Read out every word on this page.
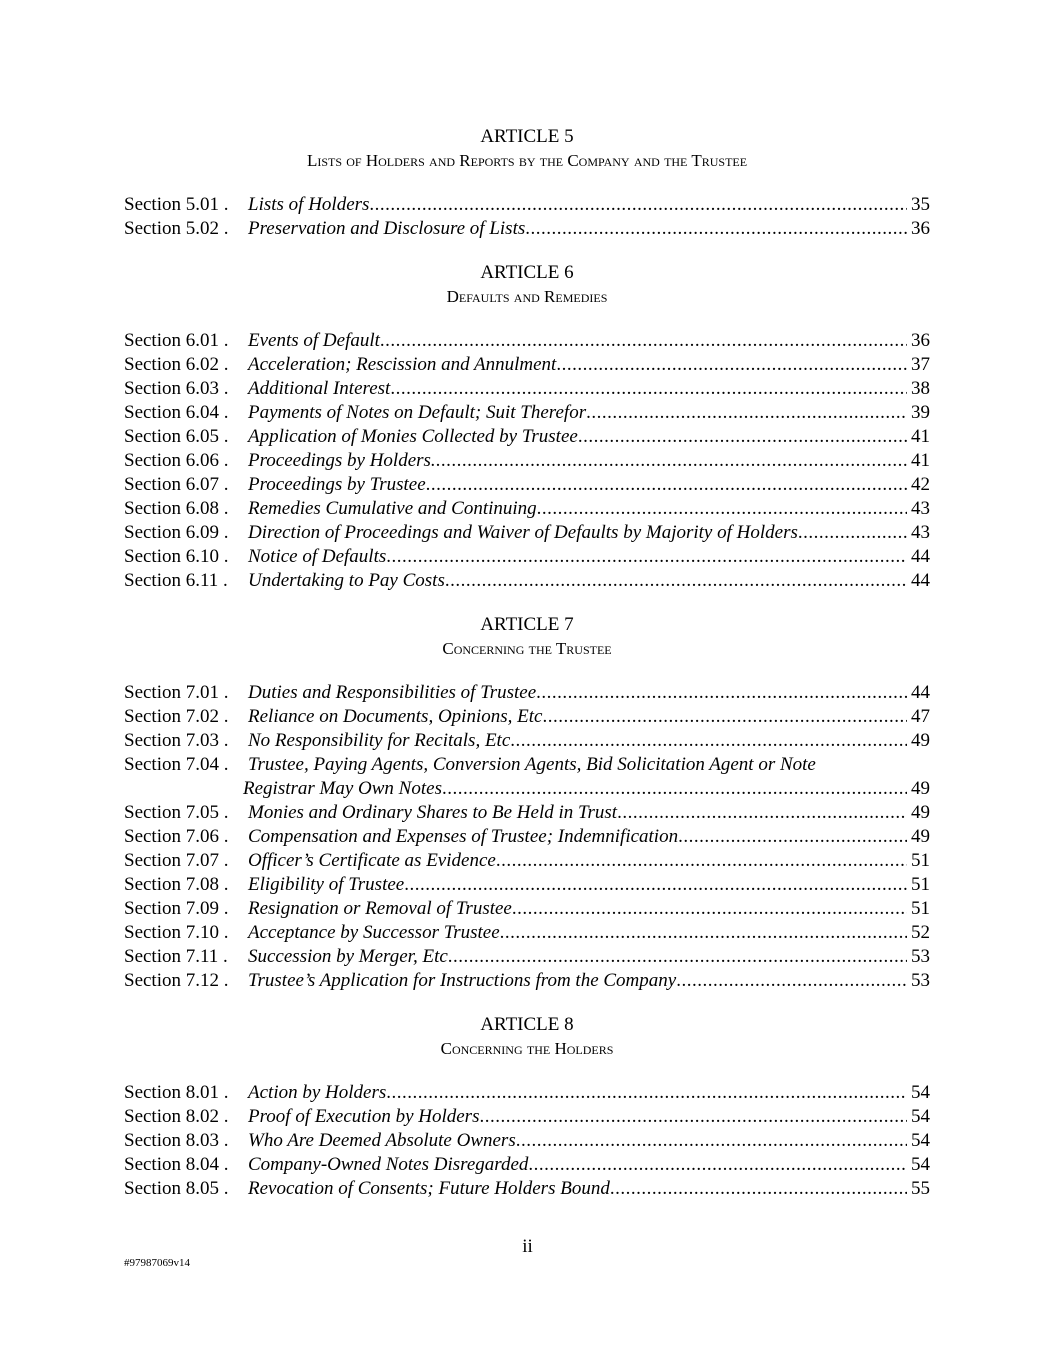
ARTICLE 5
Lists of Holders and Reports by the Company and the Trustee
Section 5.01 .	Lists of Holders .....	35
Section 5.02 .	Preservation and Disclosure of Lists .....	36
ARTICLE 6
Defaults and Remedies
Section 6.01 .	Events of Default .....	36
Section 6.02 .	Acceleration; Rescission and Annulment .....	37
Section 6.03 .	Additional Interest .....	38
Section 6.04 .	Payments of Notes on Default; Suit Therefor .....	39
Section 6.05 .	Application of Monies Collected by Trustee .....	41
Section 6.06 .	Proceedings by Holders. .....	41
Section 6.07 .	Proceedings by Trustee .....	42
Section 6.08 .	Remedies Cumulative and Continuing .....	43
Section 6.09 .	Direction of Proceedings and Waiver of Defaults by Majority of Holders .....	43
Section 6.10 .	Notice of Defaults .....	44
Section 6.11 .	Undertaking to Pay Costs .....	44
ARTICLE 7
Concerning the Trustee
Section 7.01 .	Duties and Responsibilities of Trustee .....	44
Section 7.02 .	Reliance on Documents, Opinions, Etc .....	47
Section 7.03 .	No Responsibility for Recitals, Etc .....	49
Section 7.04 .	Trustee, Paying Agents, Conversion Agents, Bid Solicitation Agent or Note
Registrar May Own Notes .....	49
Section 7.05 .	Monies and Ordinary Shares to Be Held in Trust .....	49
Section 7.06 .	Compensation and Expenses of Trustee; Indemnification .....	49
Section 7.07 .	Officer’s Certificate as Evidence .....	51
Section 7.08 .	Eligibility of Trustee .....	51
Section 7.09 .	Resignation or Removal of Trustee .....	51
Section 7.10 .	Acceptance by Successor Trustee .....	52
Section 7.11 .	Succession by Merger, Etc .....	53
Section 7.12 .	Trustee’s Application for Instructions from the Company .....	53
ARTICLE 8
Concerning the Holders
Section 8.01 .	Action by Holders .....	54
Section 8.02 .	Proof of Execution by Holders .....	54
Section 8.03 .	Who Are Deemed Absolute Owners .....	54
Section 8.04 .	Company-Owned Notes Disregarded .....	54
Section 8.05 .	Revocation of Consents; Future Holders Bound .....	55
ii
#97987069v14
